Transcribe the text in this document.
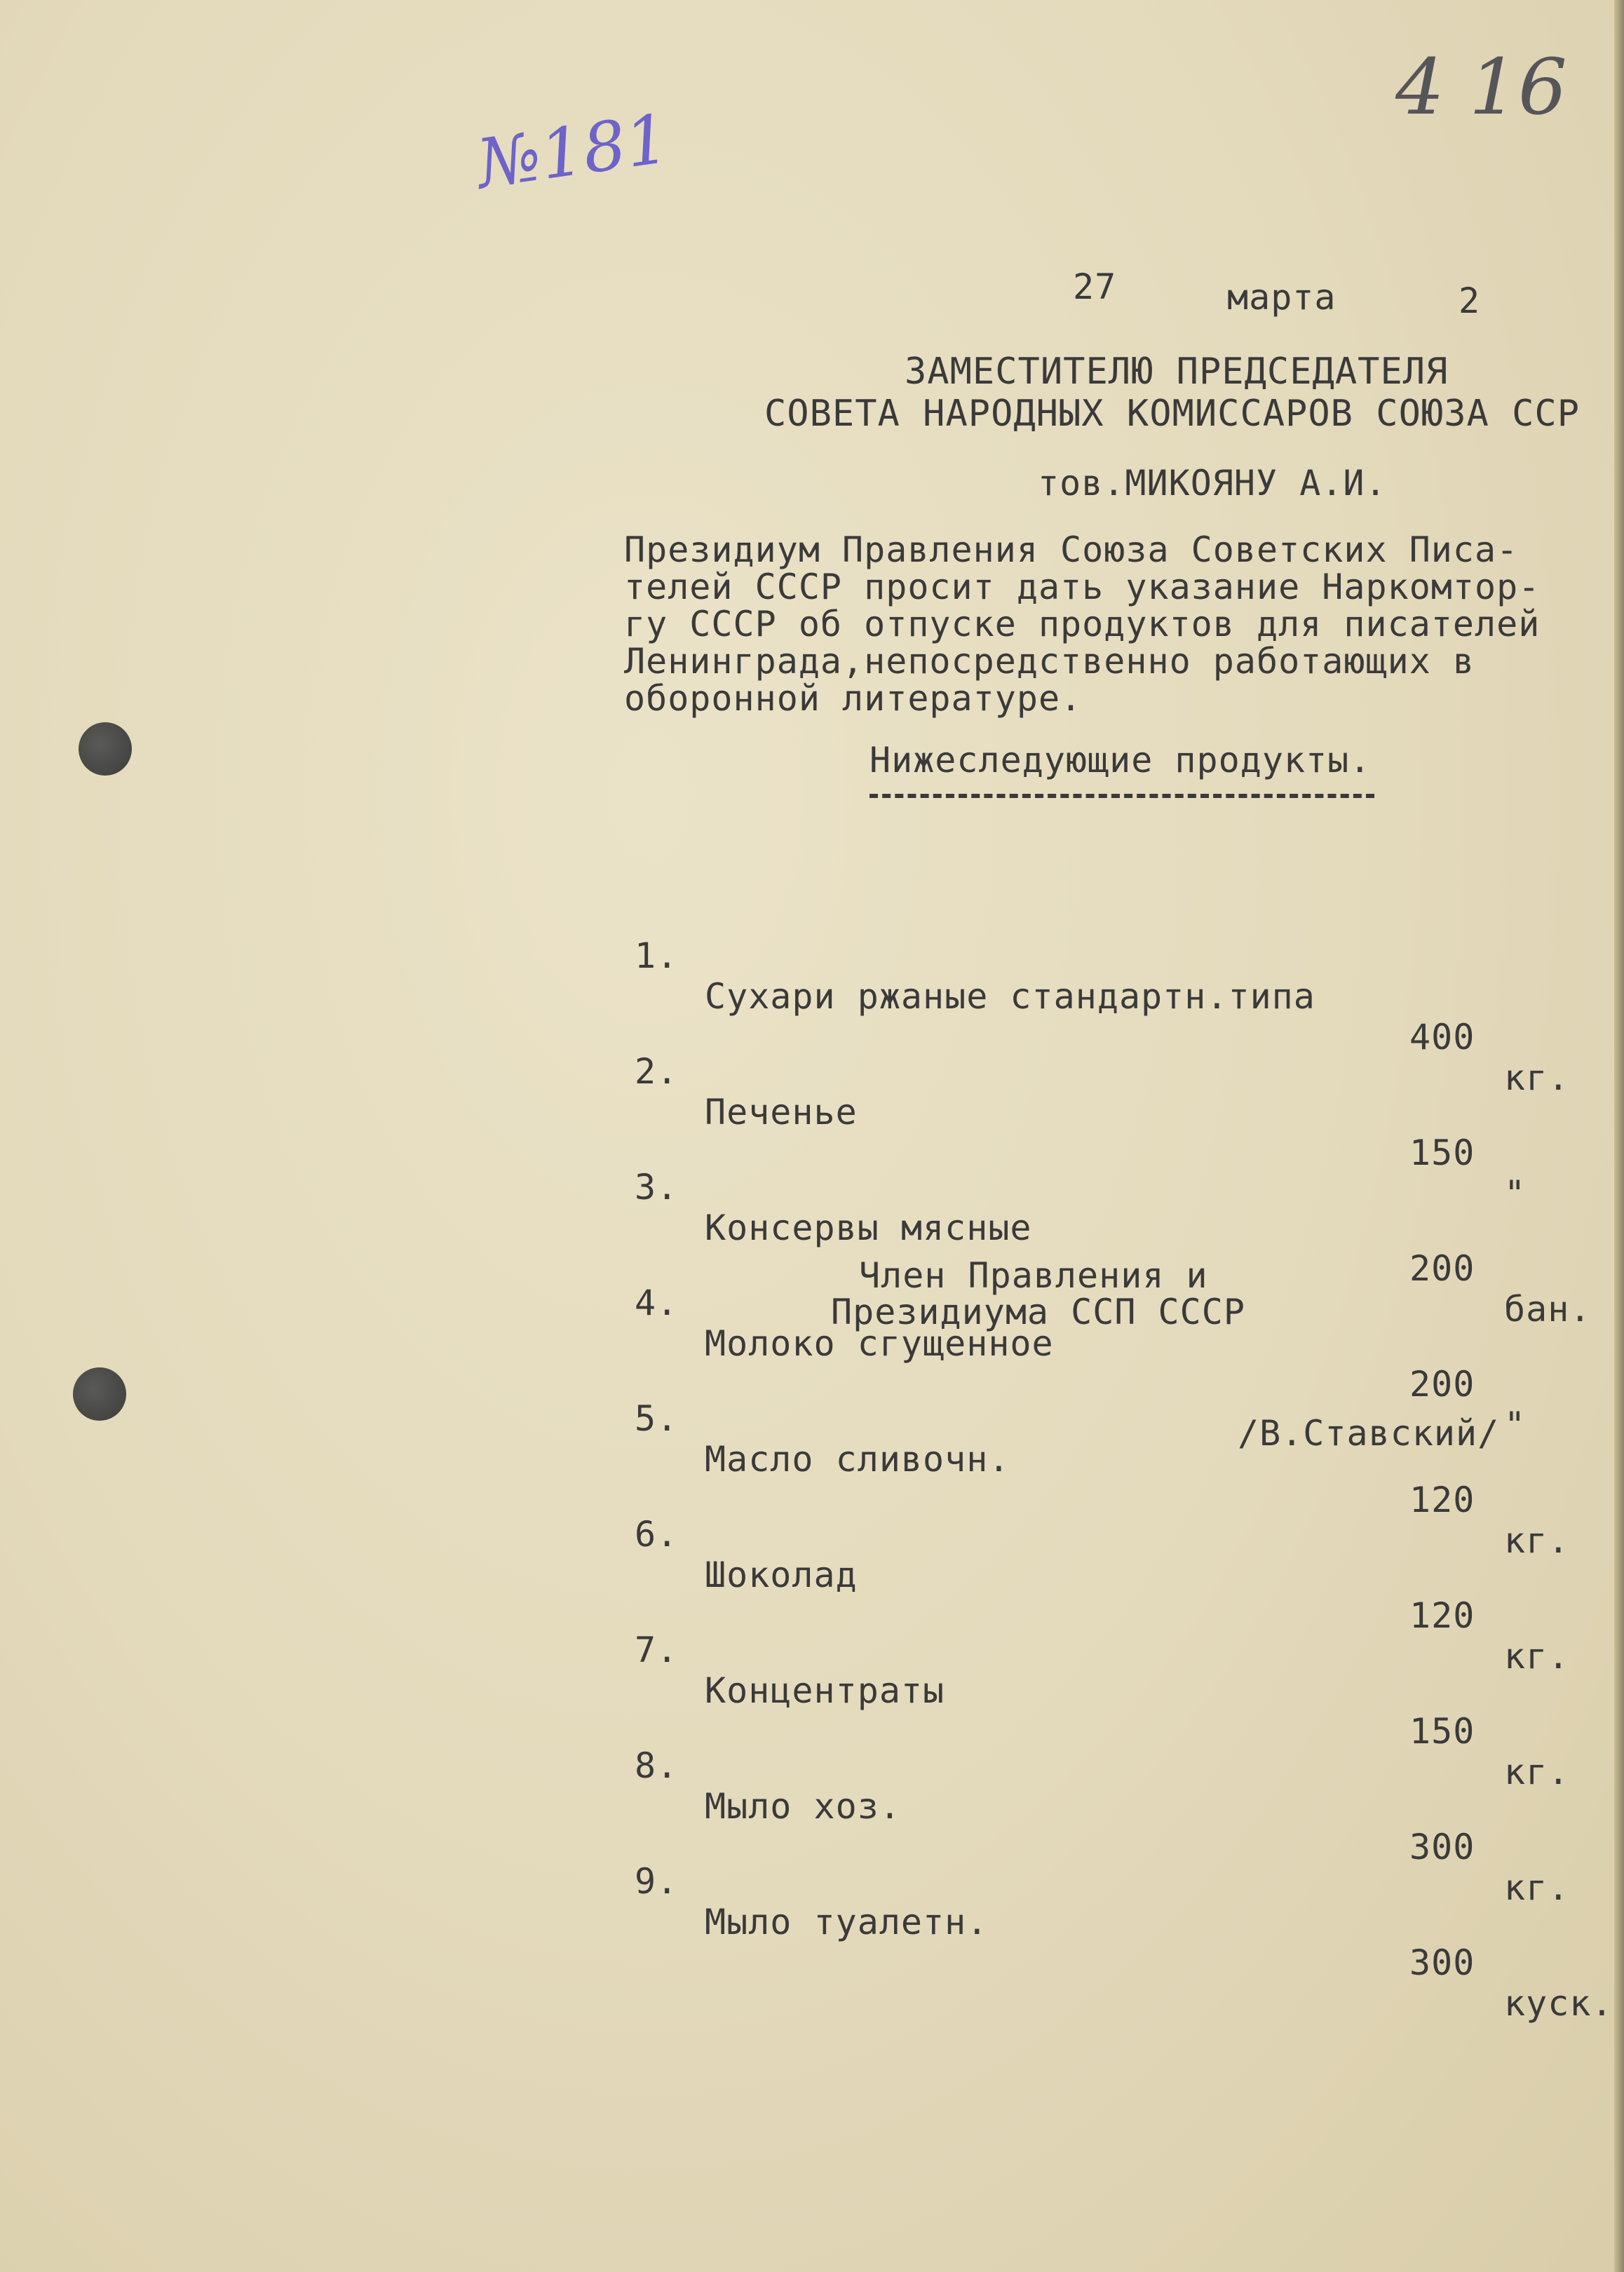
№181
4 16
27	марта	2
ЗАМЕСТИТЕЛЮ ПРЕДСЕДАТЕЛЯ
СОВЕТА НАРОДНЫХ КОМИССАРОВ СОЮЗА ССР
тов.МИКОЯНУ А.И.
Президиум Правления Союза Советских Писа-
телей СССР просит дать указание Наркомтор-
гу СССР об отпуске продуктов для писателей
Ленинграда,непосредственно работающих в
оборонной литературе.
Нижеследующие продукты.

1.

Сухари ржаные стандартн.типа

400

кг.

2.

Печенье

150

"

3.

Консервы мясные

200

бан.

4.

Молоко сгущенное

200

"

5.

Масло сливочн.

120

кг.

6.

Шоколад

120

кг.

7.

Концентраты

150

кг.

8.

Мыло хоз.

300

кг.

9.

Мыло туалетн.

300

куск.

Член Правления и
Президиума ССП СССР
/В.Ставский/
